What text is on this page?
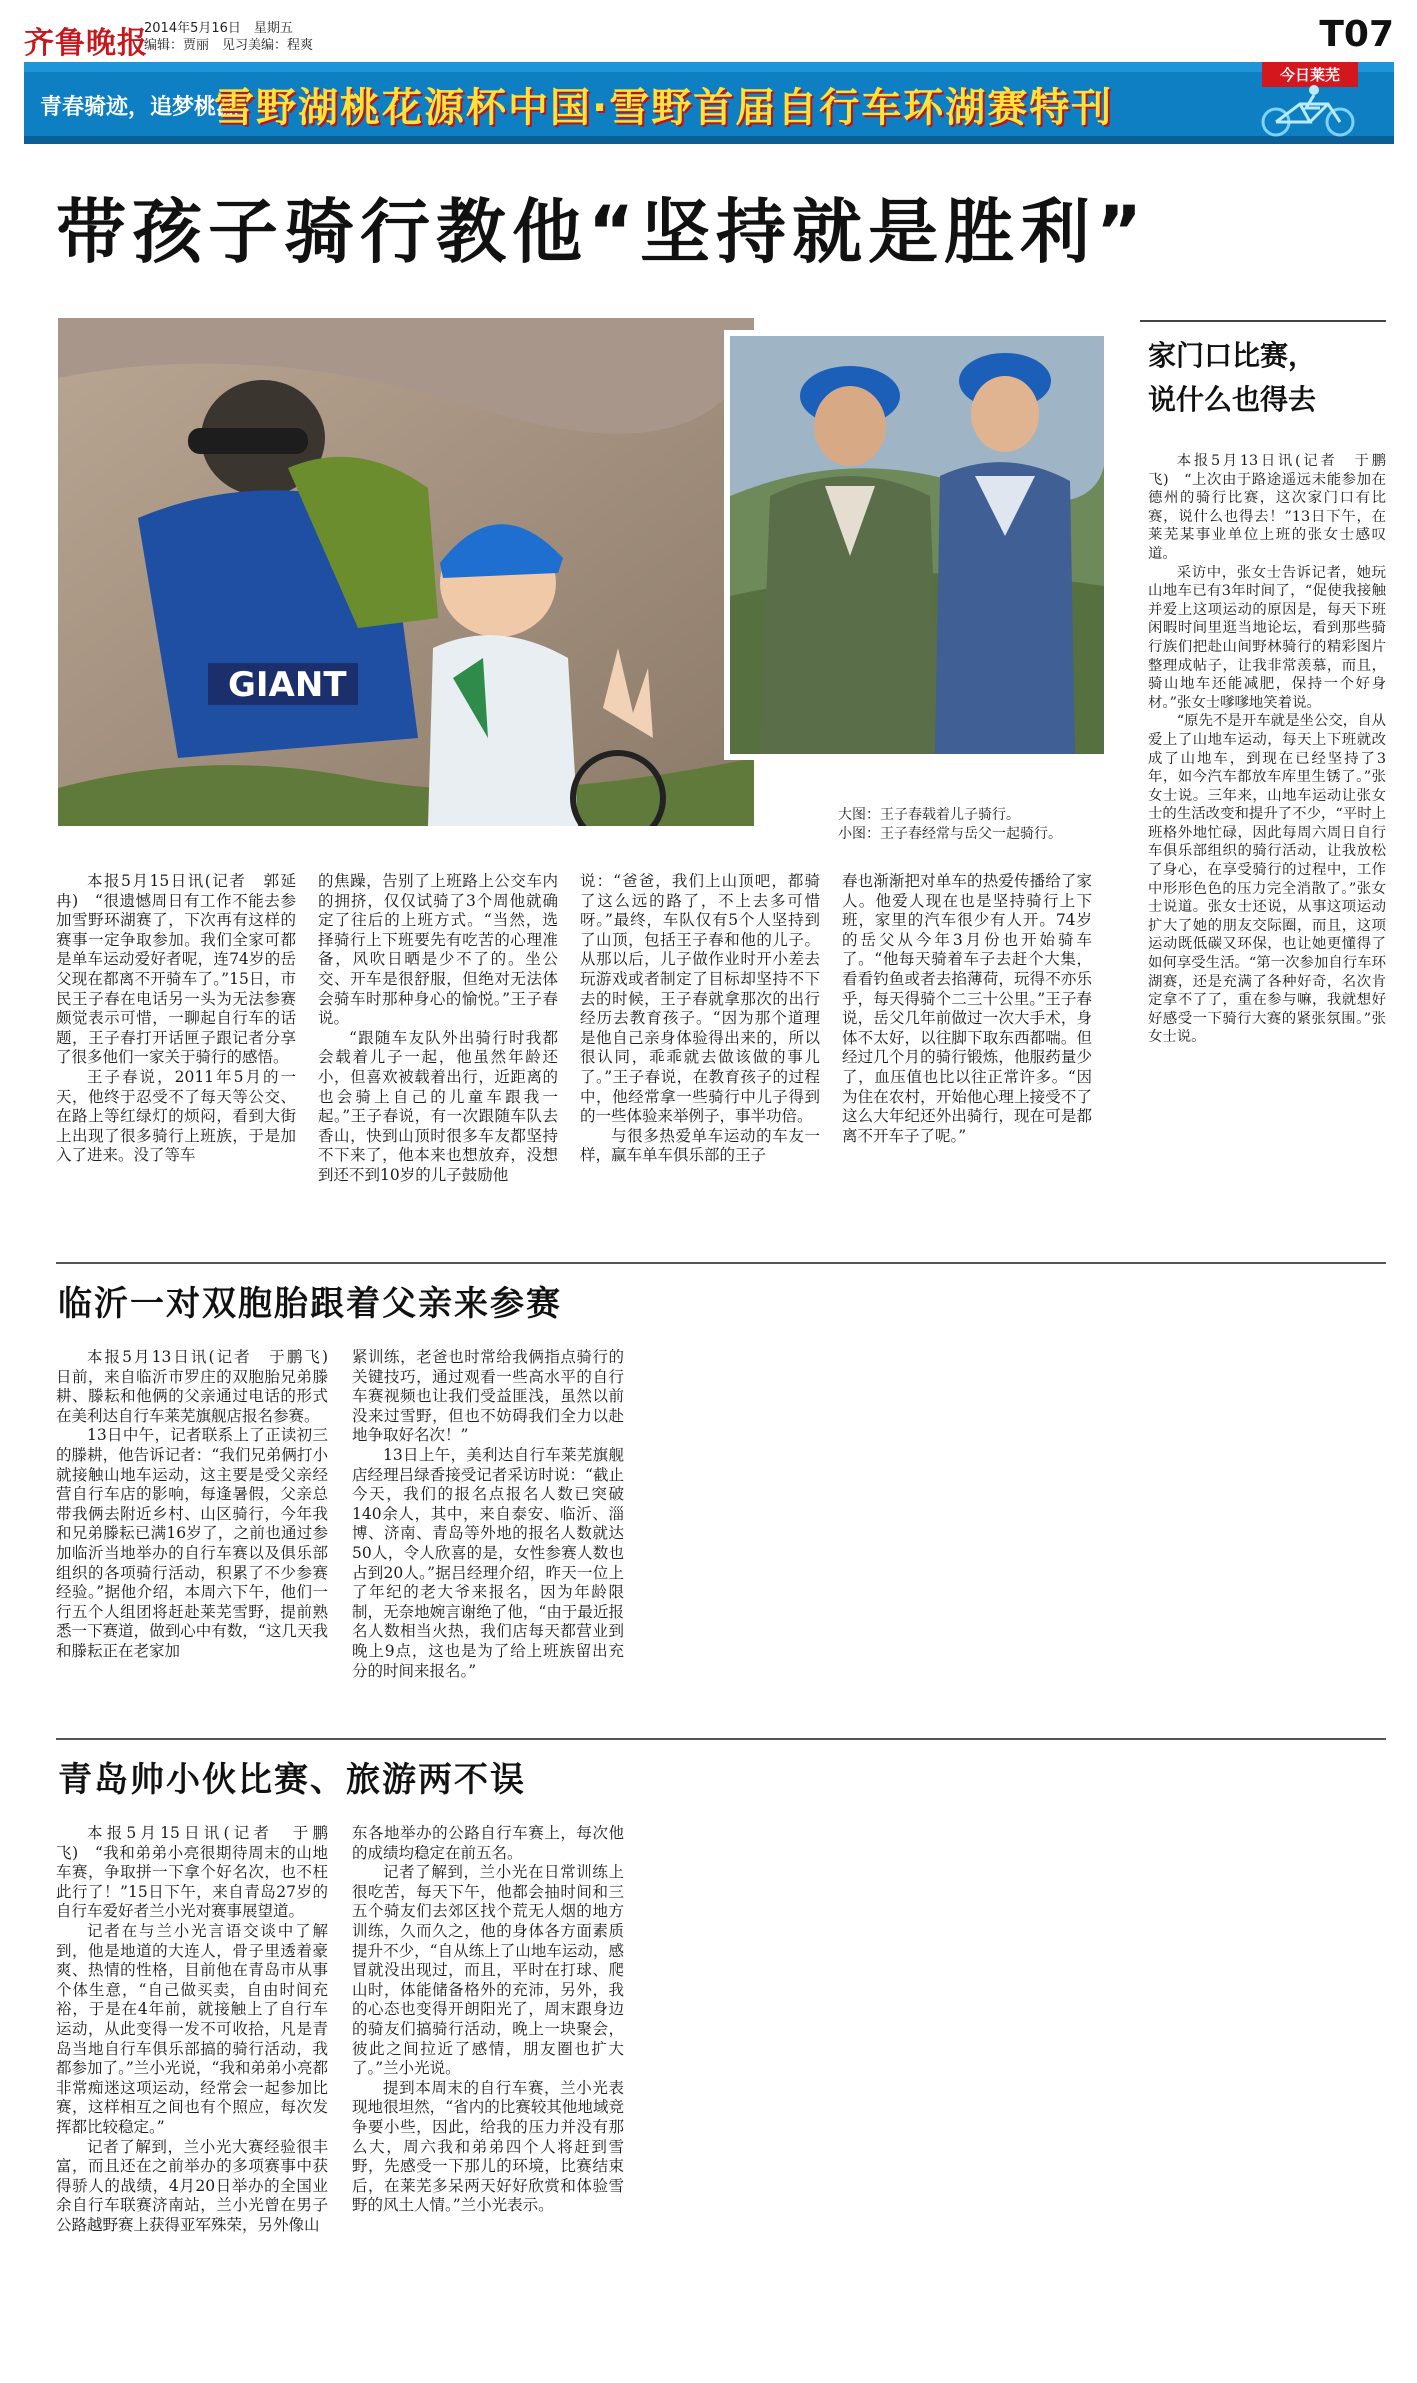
齐鲁晚报
2014年5月16日　星期五
编辑：贾丽　见习美编：程爽	T07
青春骑迹，追梦桃源
雪野湖桃花源杯中国·雪野首届自行车环湖赛特刊
今日莱芜
带孩子骑行教他“坚持就是胜利”
GIANT
大图：王子春载着儿子骑行。
小图：王子春经常与岳父一起骑行。

本报5月15日讯(记者　郭延冉)　“很遗憾周日有工作不能去参加雪野环湖赛了，下次再有这样的赛事一定争取参加。我们全家可都是单车运动爱好者呢，连74岁的岳父现在都离不开骑车了。”15日，市民王子春在电话另一头为无法参赛颇觉表示可惜，一聊起自行车的话题，王子春打开话匣子跟记者分享了很多他们一家关于骑行的感悟。

王子春说，2011年5月的一天，他终于忍受不了每天等公交、在路上等红绿灯的烦闷，看到大街上出现了很多骑行上班族，于是加入了进来。没了等车

的焦躁，告别了上班路上公交车内的拥挤，仅仅试骑了3个周他就确定了往后的上班方式。“当然，选择骑行上下班要先有吃苦的心理准备，风吹日晒是少不了的。坐公交、开车是很舒服，但绝对无法体会骑车时那种身心的愉悦。”王子春说。

“跟随车友队外出骑行时我都会载着儿子一起，他虽然年龄还小，但喜欢被载着出行，近距离的也会骑上自己的儿童车跟我一起。”王子春说，有一次跟随车队去香山，快到山顶时很多车友都坚持不下来了，他本来也想放弃，没想到还不到10岁的儿子鼓励他

说：“爸爸，我们上山顶吧，都骑了这么远的路了，不上去多可惜呀。”最终，车队仅有5个人坚持到了山顶，包括王子春和他的儿子。从那以后，儿子做作业时开小差去玩游戏或者制定了目标却坚持不下去的时候，王子春就拿那次的出行经历去教育孩子。“因为那个道理是他自己亲身体验得出来的，所以很认同，乖乖就去做该做的事儿了。”王子春说，在教育孩子的过程中，他经常拿一些骑行中儿子得到的一些体验来举例子，事半功倍。

与很多热爱单车运动的车友一样，赢车单车俱乐部的王子

春也渐渐把对单车的热爱传播给了家人。他爱人现在也是坚持骑行上下班，家里的汽车很少有人开。74岁的岳父从今年3月份也开始骑车了。“他每天骑着车子去赶个大集，看看钓鱼或者去掐薄荷，玩得不亦乐乎，每天得骑个二三十公里。”王子春说，岳父几年前做过一次大手术，身体不太好，以往脚下取东西都喘。但经过几个月的骑行锻炼，他服药量少了，血压值也比以往正常许多。“因为住在农村，开始他心理上接受不了这么大年纪还外出骑行，现在可是都离不开车子了呢。”

家门口比赛，
说什么也得去

本报5月13日讯(记者　于鹏飞)　“上次由于路途遥远未能参加在德州的骑行比赛，这次家门口有比赛，说什么也得去！”13日下午，在莱芜某事业单位上班的张女士感叹道。

采访中，张女士告诉记者，她玩山地车已有3年时间了，“促使我接触并爱上这项运动的原因是，每天下班闲暇时间里逛当地论坛，看到那些骑行族们把赴山间野林骑行的精彩图片整理成帖子，让我非常羡慕，而且，骑山地车还能减肥，保持一个好身材。”张女士嗲嗲地笑着说。

“原先不是开车就是坐公交，自从爱上了山地车运动，每天上下班就改成了山地车，到现在已经坚持了3年，如今汽车都放车库里生锈了。”张女士说。三年来，山地车运动让张女士的生活改变和提升了不少，“平时上班格外地忙碌，因此每周六周日自行车俱乐部组织的骑行活动，让我放松了身心，在享受骑行的过程中，工作中形形色色的压力完全消散了。”张女士说道。张女士还说，从事这项运动扩大了她的朋友交际圈，而且，这项运动既低碳又环保，也让她更懂得了如何享受生活。“第一次参加自行车环湖赛，还是充满了各种好奇，名次肯定拿不了了，重在参与嘛，我就想好好感受一下骑行大赛的紧张氛围。”张女士说。

临沂一对双胞胎跟着父亲来参赛

本报5月13日讯(记者　于鹏飞)　日前，来自临沂市罗庄的双胞胎兄弟滕耕、滕耘和他俩的父亲通过电话的形式在美利达自行车莱芜旗舰店报名参赛。

13日中午，记者联系上了正读初三的滕耕，他告诉记者：“我们兄弟俩打小就接触山地车运动，这主要是受父亲经营自行车店的影响，每逢暑假，父亲总带我俩去附近乡村、山区骑行，今年我和兄弟滕耘已满16岁了，之前也通过参加临沂当地举办的自行车赛以及俱乐部组织的各项骑行活动，积累了不少参赛经验。”据他介绍，本周六下午，他们一行五个人组团将赶赴莱芜雪野，提前熟悉一下赛道，做到心中有数，“这几天我和滕耘正在老家加

紧训练，老爸也时常给我俩指点骑行的关键技巧，通过观看一些高水平的自行车赛视频也让我们受益匪浅，虽然以前没来过雪野，但也不妨碍我们全力以赴地争取好名次！”

13日上午，美利达自行车莱芜旗舰店经理吕绿香接受记者采访时说：“截止今天，我们的报名点报名人数已突破140余人，其中，来自泰安、临沂、淄博、济南、青岛等外地的报名人数就达50人，令人欣喜的是，女性参赛人数也占到20人。”据吕经理介绍，昨天一位上了年纪的老大爷来报名，因为年龄限制，无奈地婉言谢绝了他，“由于最近报名人数相当火热，我们店每天都营业到晚上9点，这也是为了给上班族留出充分的时间来报名。”

青岛帅小伙比赛、旅游两不误

本报5月15日讯(记者　于鹏飞)　“我和弟弟小亮很期待周末的山地车赛，争取拼一下拿个好名次，也不枉此行了！”15日下午，来自青岛27岁的自行车爱好者兰小光对赛事展望道。

记者在与兰小光言语交谈中了解到，他是地道的大连人，骨子里透着豪爽、热情的性格，目前他在青岛市从事个体生意，“自己做买卖，自由时间充裕，于是在4年前，就接触上了自行车运动，从此变得一发不可收拾，凡是青岛当地自行车俱乐部搞的骑行活动，我都参加了。”兰小光说，“我和弟弟小亮都非常痴迷这项运动，经常会一起参加比赛，这样相互之间也有个照应，每次发挥都比较稳定。”

记者了解到，兰小光大赛经验很丰富，而且还在之前举办的多项赛事中获得骄人的战绩，4月20日举办的全国业余自行车联赛济南站，兰小光曾在男子公路越野赛上获得亚军殊荣，另外像山

东各地举办的公路自行车赛上，每次他的成绩均稳定在前五名。

记者了解到，兰小光在日常训练上很吃苦，每天下午，他都会抽时间和三五个骑友们去郊区找个荒无人烟的地方训练，久而久之，他的身体各方面素质提升不少，“自从练上了山地车运动，感冒就没出现过，而且，平时在打球、爬山时，体能储备格外的充沛，另外，我的心态也变得开朗阳光了，周末跟身边的骑友们搞骑行活动，晚上一块聚会，彼此之间拉近了感情，朋友圈也扩大了。”兰小光说。

提到本周末的自行车赛，兰小光表现地很坦然，“省内的比赛较其他地域竞争要小些，因此，给我的压力并没有那么大，周六我和弟弟四个人将赶到雪野，先感受一下那儿的环境，比赛结束后，在莱芜多呆两天好好欣赏和体验雪野的风土人情。”兰小光表示。
